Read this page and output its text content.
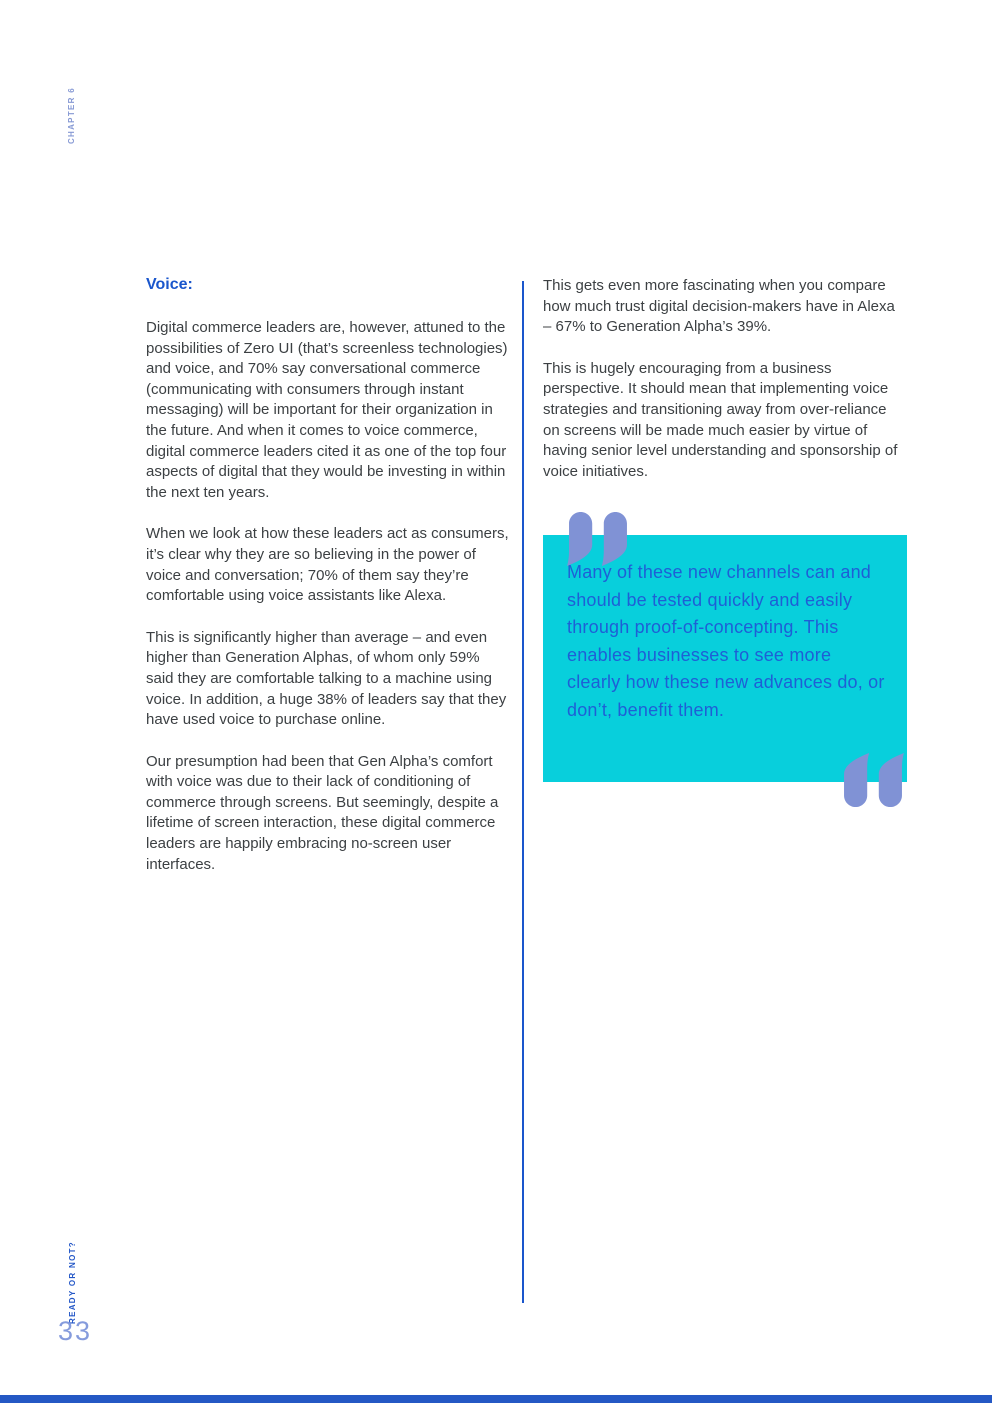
CHAPTER 6

Voice:

Digital commerce leaders are, however, attuned to the possibilities of Zero UI (that’s screenless technologies) and voice, and 70% say conversational commerce (communicating with consumers through instant messaging) will be important for their organization in the future. And when it comes to voice commerce, digital commerce leaders cited it as one of the top four aspects of digital that they would be investing in within the next ten years.

When we look at how these leaders act as consumers, it’s clear why they are so believing in the power of voice and conversation; 70% of them say they’re comfortable using voice assistants like Alexa.

This is significantly higher than average – and even higher than Generation Alphas, of whom only 59% said they are comfortable talking to a machine using voice. In addition, a huge 38% of leaders say that they have used voice to purchase online.

Our presumption had been that Gen Alpha’s comfort with voice was due to their lack of conditioning of commerce through screens. But seemingly, despite a lifetime of screen interaction, these digital commerce leaders are happily embracing no-screen user interfaces.

This gets even more fascinating when you compare how much trust digital decision-makers have in Alexa – 67% to Generation Alpha’s 39%.

This is hugely encouraging from a business perspective. It should mean that implementing voice strategies and transitioning away from over-reliance on screens will be made much easier by virtue of having senior level understanding and sponsorship of voice initiatives.

Many of these new channels can and should be tested quickly and easily through proof-of-concepting. This enables businesses to see more clearly how these new advances do, or don’t, benefit them.
READY OR NOT?
33
